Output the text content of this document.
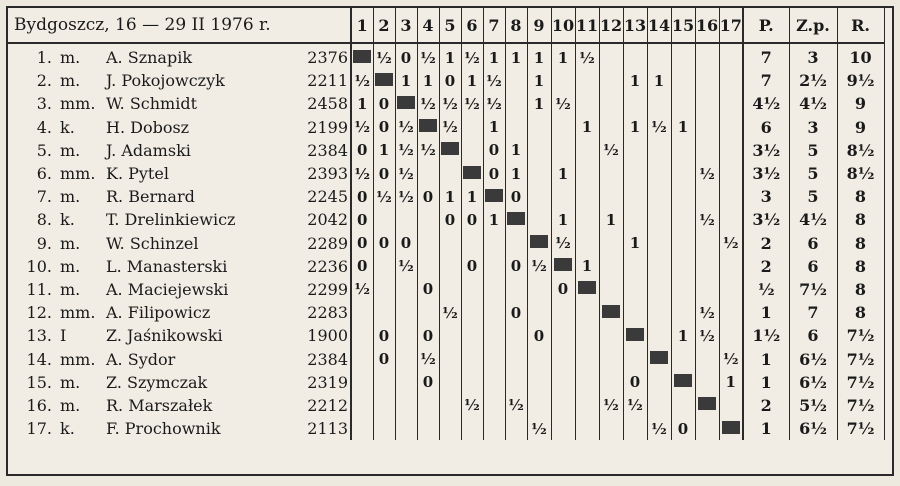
Bydgoszcz, 16 — 29 II 1976 r.	1	2	3	4	5	6	7	8	9	10	11	12	13	14	15	16	17	P.	Z.p.	R.
1. m. A. Sznapik 2376		½	0	½	1	½	1	1	1	1	½							7	3	10
2. m. J. Pokojowczyk 2211	½		1	1	0	1	½		1				1	1				7	2½	9½
3. mm. W. Schmidt 2458	1	0		½	½	½	½		1	½								4½	4½	9
4. k. H. Dobosz 2199	½	0	½		½		1				1		1	½	1			6	3	9
5. m. J. Adamski 2384	0	1	½	½			0	1				½						3½	5	8½
6. mm. K. Pytel 2393	½	0	½				0	1		1						½		3½	5	8½
7. m. R. Bernard 2245	0	½	½	0	1	1		0										3	5	8
8. k. T. Drelinkiewicz 2042	0				0	0	1			1		1				½		3½	4½	8
9. m. W. Schinzel 2289	0	0	0							½			1				½	2	6	8
10. m. L. Manasterski 2236	0		½			0		0	½		1							2	6	8
11. m. A. Maciejewski 2299	½			0						0								½	7½	8
12. mm. A. Filipowicz 2283					½			0								½		1	7	8
13. I Z. Jaśnikowski 1900		0		0					0						1	½		1½	6	7½
14. mm. A. Sydor 2384		0		½													½	1	6½	7½
15. m. Z. Szymczak 2319				0									0				1	1	6½	7½
16. m. R. Marszałek 2212						½		½				½	½					2	5½	7½
17. k. F. Prochownik 2113									½					½	0			1	6½	7½
